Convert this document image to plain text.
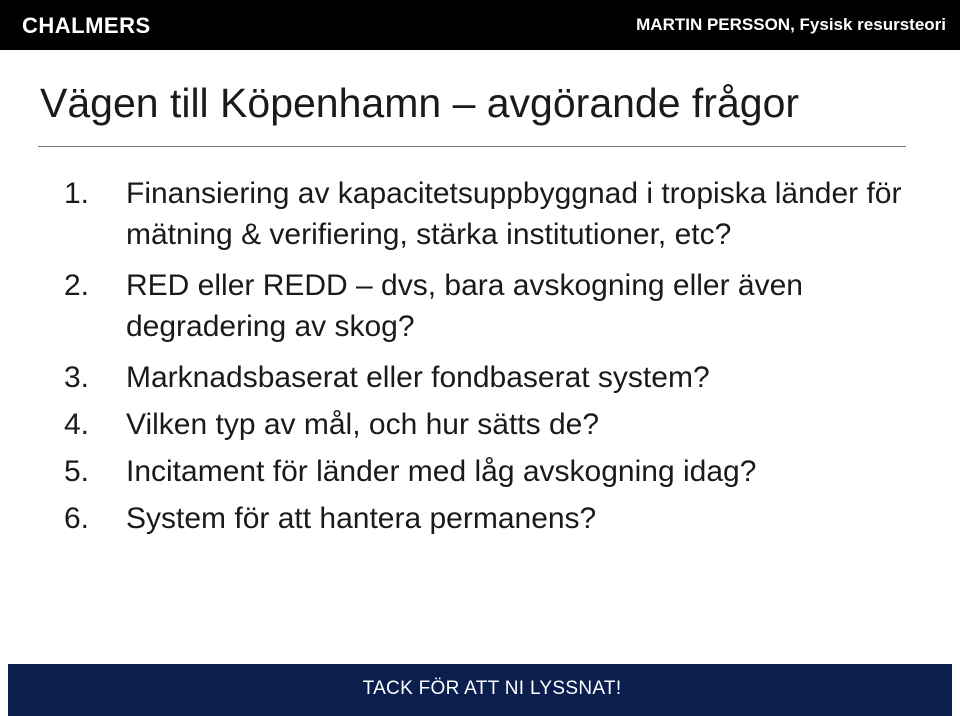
CHALMERS	MARTIN PERSSON, Fysisk resursteori
Vägen till Köpenhamn – avgörande frågor
1. Finansiering av kapacitetsuppbyggnad i tropiska länder för mätning & verifiering, stärka institutioner, etc?
2. RED eller REDD – dvs, bara avskogning eller även degradering av skog?
3. Marknadsbaserat eller fondbaserat system?
4. Vilken typ av mål, och hur sätts de?
5. Incitament för länder med låg avskogning idag?
6. System för att hantera permanens?
TACK FÖR ATT NI LYSSNAT!
